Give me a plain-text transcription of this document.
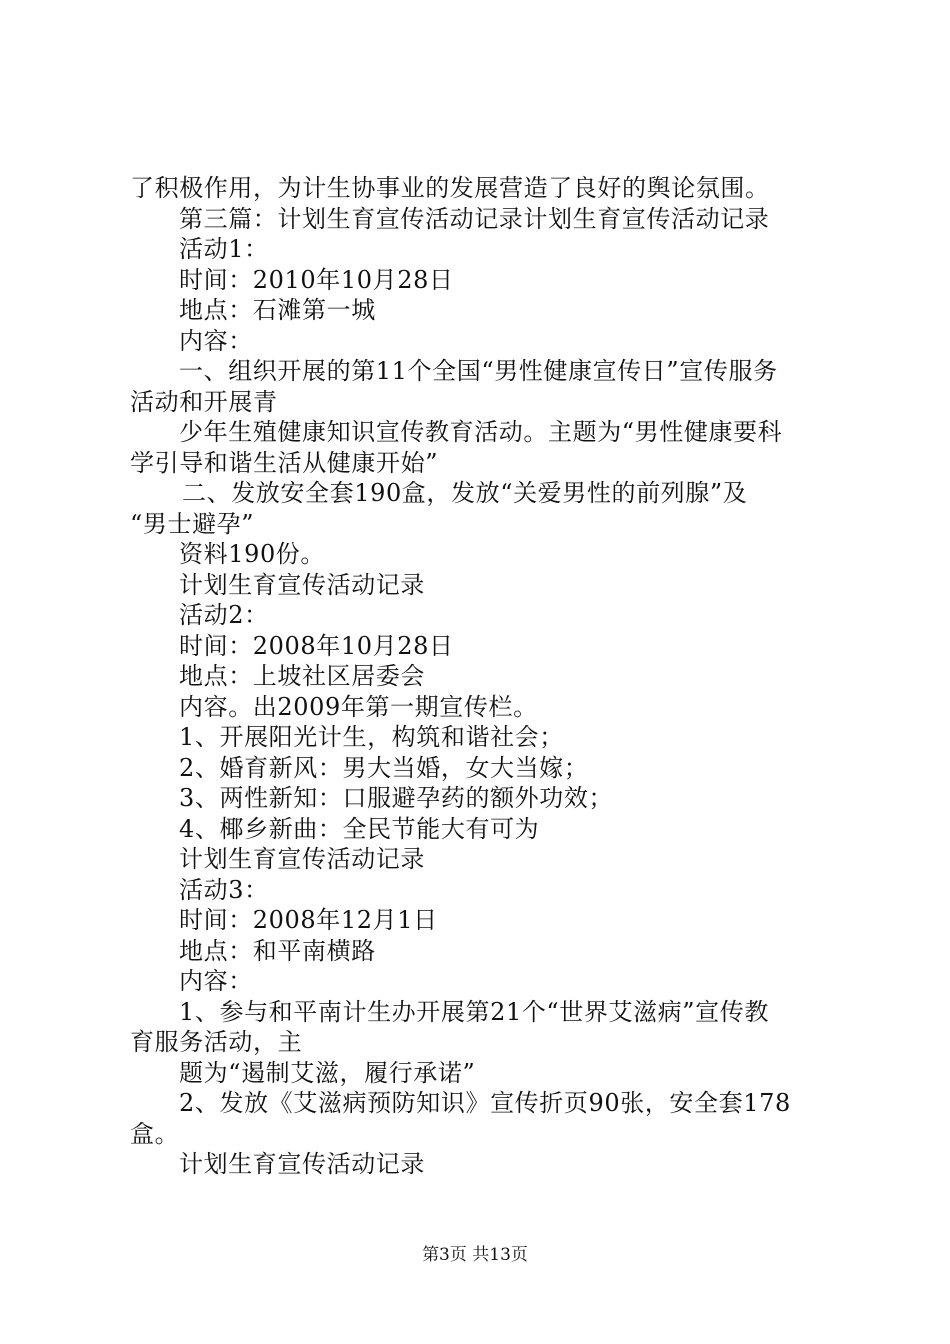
了积极作用，为计生协事业的发展营造了良好的舆论氛围。
第三篇：计划生育宣传活动记录计划生育宣传活动记录
活动1：
时间：2010年10月28日
地点：石滩第一城
内容：
一、组织开展的第11个全国“男性健康宣传日”宣传服务
活动和开展青
少年生殖健康知识宣传教育活动。主题为“男性健康要科
学引导和谐生活从健康开始”
二、发放安全套190盒，发放“关爱男性的前列腺”及
“男士避孕”
资料190份。
计划生育宣传活动记录
活动2：
时间：2008年10月28日
地点：上坡社区居委会
内容。出2009年第一期宣传栏。
1、开展阳光计生，构筑和谐社会；
2、婚育新风：男大当婚，女大当嫁；
3、两性新知：口服避孕药的额外功效；
4、椰乡新曲：全民节能大有可为
计划生育宣传活动记录
活动3：
时间：2008年12月1日
地点：和平南横路
内容：
1、参与和平南计生办开展第21个“世界艾滋病”宣传教
育服务活动，主
题为“遏制艾滋，履行承诺”
2、发放《艾滋病预防知识》宣传折页90张，安全套178
盒。
计划生育宣传活动记录
第3页 共13页
